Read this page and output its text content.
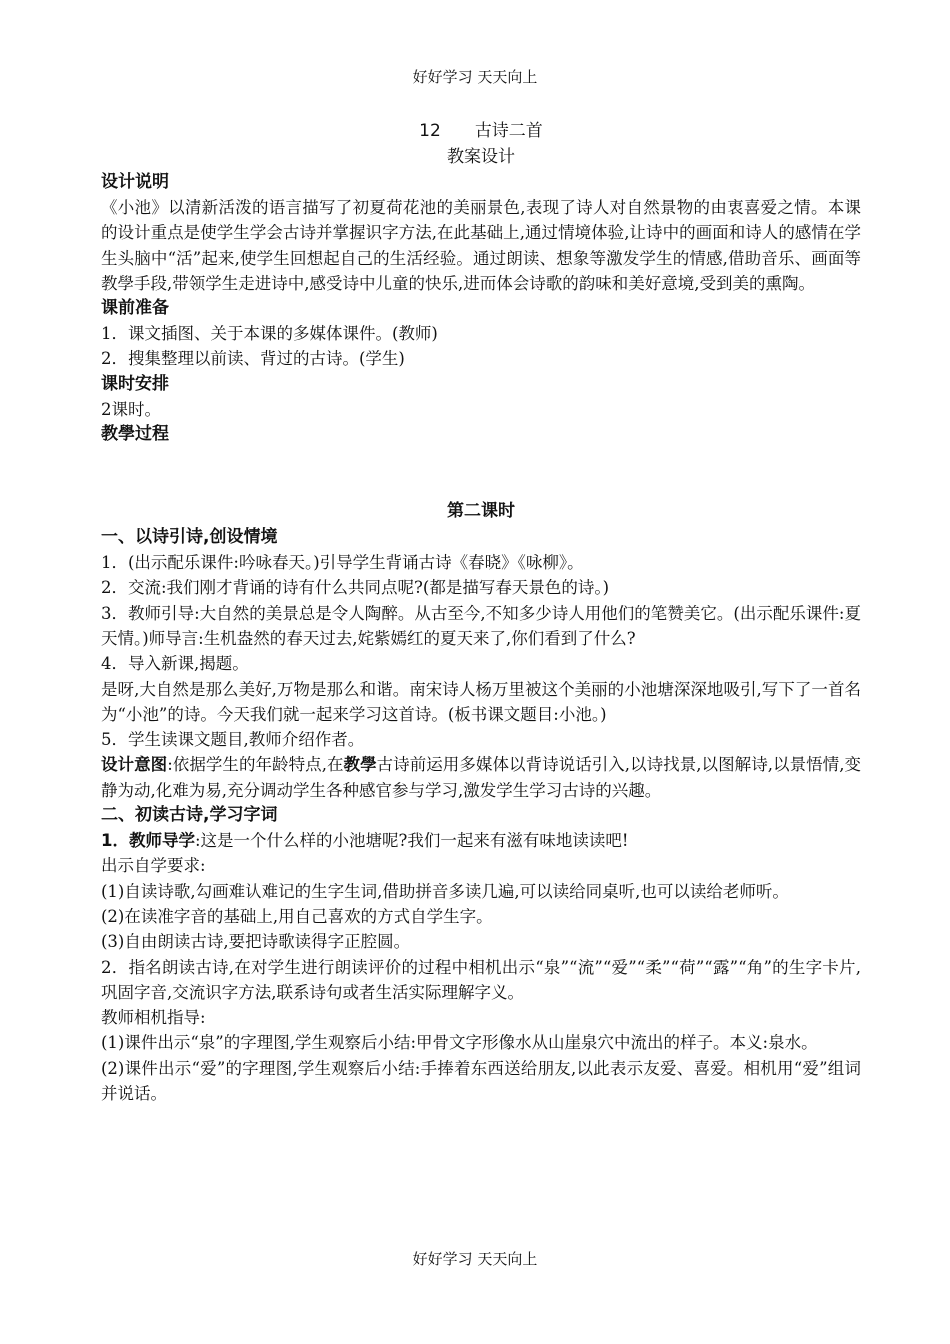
好好学习 天天向上
12 古诗二首
教案设计
设计说明
《小池》以清新活泼的语言描写了初夏荷花池的美丽景色,表现了诗人对自然景物的由衷喜爱之情。本课的设计重点是使学生学会古诗并掌握识字方法,在此基础上,通过情境体验,让诗中的画面和诗人的感情在学生头脑中“活”起来,使学生回想起自己的生活经验。通过朗读、想象等激发学生的情感,借助音乐、画面等教學手段,带领学生走进诗中,感受诗中儿童的快乐,进而体会诗歌的韵味和美好意境,受到美的熏陶。
课前准备
1．课文插图、关于本课的多媒体课件。(教师)
2．搜集整理以前读、背过的古诗。(学生)
课时安排
2课时。
教學过程
第二课时
一、以诗引诗,创设情境
1．(出示配乐课件:吟咏春天。)引导学生背诵古诗《春晓》《咏柳》。
2．交流:我们刚才背诵的诗有什么共同点呢?(都是描写春天景色的诗。)
3．教师引导:大自然的美景总是令人陶醉。从古至今,不知多少诗人用他们的笔赞美它。(出示配乐课件:夏天情。)师导言:生机盎然的春天过去,姹紫嫣红的夏天来了,你们看到了什么?
4．导入新课,揭题。
是呀,大自然是那么美好,万物是那么和谐。南宋诗人杨万里被这个美丽的小池塘深深地吸引,写下了一首名为“小池”的诗。今天我们就一起来学习这首诗。(板书课文题目:小池。)
5．学生读课文题目,教师介绍作者。
设计意图:依据学生的年龄特点,在教學古诗前运用多媒体以背诗说话引入,以诗找景,以图解诗,以景悟情,变静为动,化难为易,充分调动学生各种感官参与学习,激发学生学习古诗的兴趣。
二、初读古诗,学习字词
1．教师导学:这是一个什么样的小池塘呢?我们一起来有滋有味地读读吧!
出示自学要求:
(1)自读诗歌,勾画难认难记的生字生词,借助拼音多读几遍,可以读给同桌听,也可以读给老师听。
(2)在读准字音的基础上,用自己喜欢的方式自学生字。
(3)自由朗读古诗,要把诗歌读得字正腔圆。
2．指名朗读古诗,在对学生进行朗读评价的过程中相机出示“泉”“流”“爱”“柔”“荷”“露”“角”的生字卡片,巩固字音,交流识字方法,联系诗句或者生活实际理解字义。
教师相机指导:
(1)课件出示“泉”的字理图,学生观察后小结:甲骨文字形像水从山崖泉穴中流出的样子。本义:泉水。
(2)课件出示“爱”的字理图,学生观察后小结:手捧着东西送给朋友,以此表示友爱、喜爱。相机用“爱”组词并说话。
好好学习 天天向上
